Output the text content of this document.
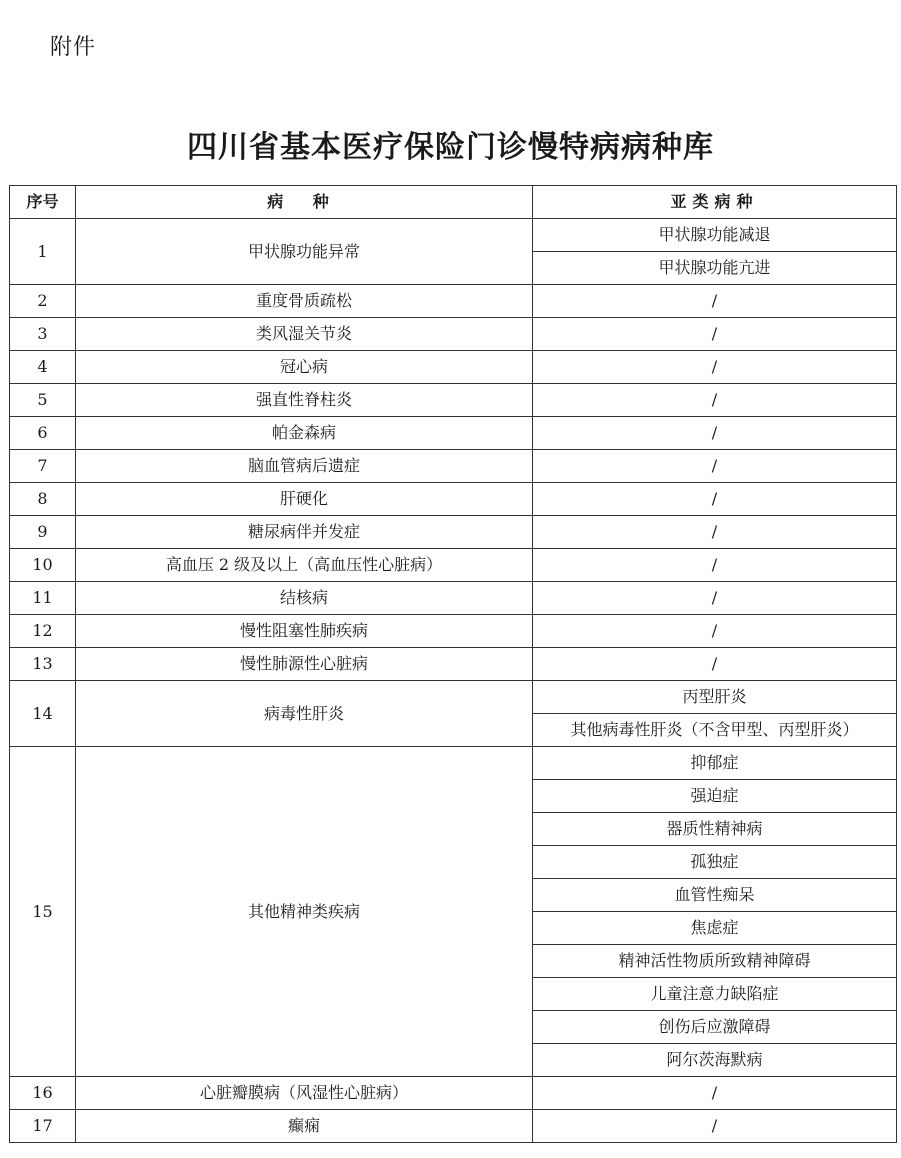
附件
四川省基本医疗保险门诊慢特病病种库
序号	病 种	亚类病种
1	甲状腺功能异常	甲状腺功能减退
		甲状腺功能亢进
2	重度骨质疏松	/
3	类风湿关节炎	/
4	冠心病	/
5	强直性脊柱炎	/
6	帕金森病	/
7	脑血管病后遗症	/
8	肝硬化	/
9	糖尿病伴并发症	/
10	高血压 2 级及以上（高血压性心脏病）	/
11	结核病	/
12	慢性阻塞性肺疾病	/
13	慢性肺源性心脏病	/
14	病毒性肝炎	丙型肝炎
		其他病毒性肝炎（不含甲型、丙型肝炎）
15	其他精神类疾病	抑郁症
		强迫症
		器质性精神病
		孤独症
		血管性痴呆
		焦虑症
		精神活性物质所致精神障碍
		儿童注意力缺陷症
		创伤后应激障碍
		阿尔茨海默病
16	心脏瓣膜病（风湿性心脏病）	/
17	癫痫	/
